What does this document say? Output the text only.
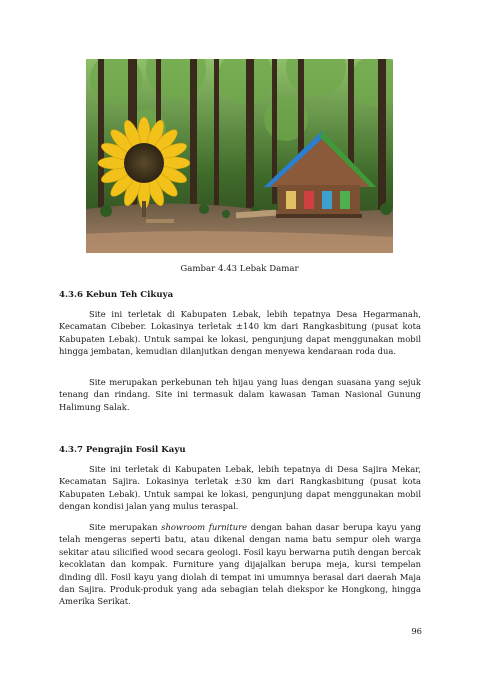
Gambar 4.43 Lebak Damar
4.3.6 Kebun Teh Cikuya

Site ini terletak di Kabupaten Lebak, lebih tepatnya Desa Hegarmanah, Kecamatan Cibeber. Lokasinya terletak ±140 km dari Rangkasbitung (pusat kota Kabupaten Lebak). Untuk sampai ke lokasi, pengunjung dapat menggunakan mobil hingga jembatan, kemudian dilanjutkan dengan menyewa kendaraan roda dua.

Site merupakan perkebunan teh hijau yang luas dengan suasana yang sejuk tenang dan rindang. Site ini termasuk dalam kawasan Taman Nasional Gunung Halimung Salak.

4.3.7 Pengrajin Fosil Kayu

Site ini terletak di Kabupaten Lebak, lebih tepatnya di Desa Sajira Mekar, Kecamatan Sajira. Lokasinya terletak ±30 km dari Rangkasbitung (pusat kota Kabupaten Lebak). Untuk sampai ke lokasi, pengunjung dapat menggunakan mobil dengan kondisi jalan yang mulus teraspal.

Site merupakan showroom furniture dengan bahan dasar berupa kayu yang telah mengeras seperti batu, atau dikenal dengan nama batu sempur oleh warga sekitar atau silicified wood secara geologi. Fosil kayu berwarna putih dengan bercak kecoklatan dan kompak. Furniture yang dijajalkan berupa meja, kursi tempelan dinding dll. Fosil kayu yang diolah di tempat ini umumnya berasal dari daerah Maja dan Sajira. Produk-produk yang ada sebagian telah diekspor ke Hongkong, hingga Amerika Serikat.

96
